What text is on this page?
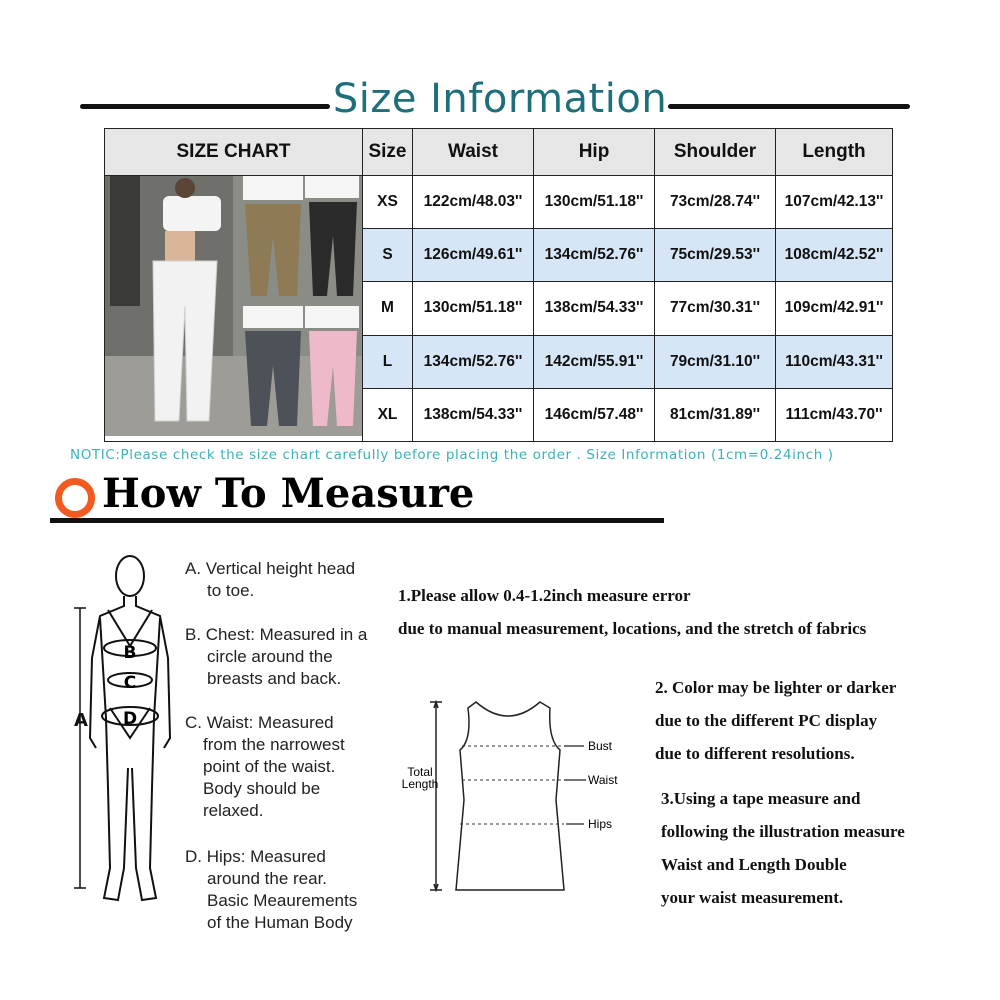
Size Information
SIZE CHART	Size	Waist	Hip	Shoulder	Length
	XS	122cm/48.03''	130cm/51.18''	73cm/28.74''	107cm/42.13''
	S	126cm/49.61''	134cm/52.76''	75cm/29.53''	108cm/42.52''
	M	130cm/51.18''	138cm/54.33''	77cm/30.31''	109cm/42.91''
	L	134cm/52.76''	142cm/55.91''	79cm/31.10''	110cm/43.31''
	XL	138cm/54.33''	146cm/57.48''	81cm/31.89''	111cm/43.70''
NOTIC:Please check the size chart carefully before placing the order . Size Information (1cm=0.24inch )
How To Measure
B
C
D
A
A. Vertical height head
to toe.
B. Chest: Measured in a
circle around the
breasts and back.
C. Waist: Measured
from the narrowest
point of the waist.
Body should be
relaxed.
D. Hips: Measured
around the rear.
Basic Meaurements
of the Human Body
1.Please allow 0.4-1.2inch measure error
due to manual measurement, locations, and the stretch of fabrics
2. Color may be lighter or darker
due to the different PC display
due to different resolutions.
3.Using a tape measure and
following the illustration measure
Waist and Length Double
your waist measurement.
Bust
Waist
Hips
Total
Length
